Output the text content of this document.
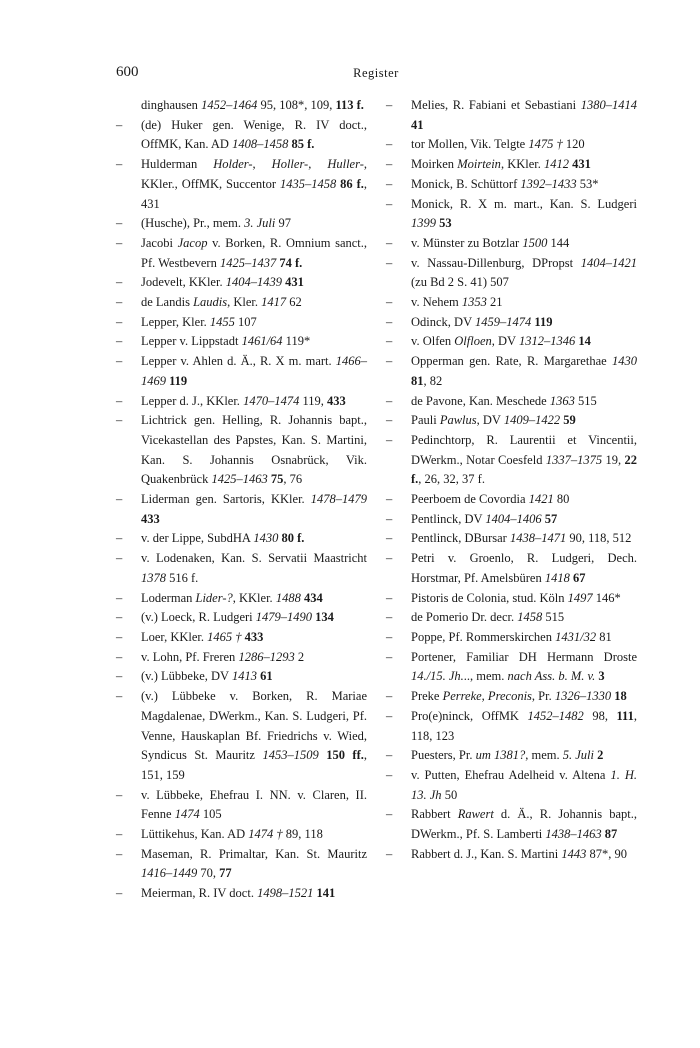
600	Register

dinghausen 1452–1464 95, 108*, 109, 113 f.
– (de) Huker gen. Wenige, R. IV doct., OffMK, Kan. AD 1408–1458 85 f.
– Hulderman Holder-, Holler-, Huller-, KKler., OffMK, Succentor 1435–1458 86 f., 431
– (Husche), Pr., mem. 3. Juli 97
– Jacobi Jacop v. Borken, R. Omnium sanct., Pf. Westbevern 1425–1437 74 f.
– Jodevelt, KKler. 1404–1439 431
– de Landis Laudis, Kler. 1417 62
– Lepper, Kler. 1455 107
– Lepper v. Lippstadt 1461/64 119*
– Lepper v. Ahlen d. Ä., R. X m. mart. 1466–1469 119
– Lepper d. J., KKler. 1470–1474 119, 433
– Lichtrick gen. Helling, R. Johannis bapt., Vicekastellan des Papstes, Kan. S. Martini, Kan. S. Johannis Osnabrück, Vik. Quakenbrück 1425–1463 75, 76
– Liderman gen. Sartoris, KKler. 1478–1479 433
– v. der Lippe, SubdHA 1430 80 f.
– v. Lodenaken, Kan. S. Servatii Maastricht 1378 516 f.
– Loderman Lider-?, KKler. 1488 434
– (v.) Loeck, R. Ludgeri 1479–1490 134
– Loer, KKler. 1465 † 433
– v. Lohn, Pf. Freren 1286–1293 2
– (v.) Lübbeke, DV 1413 61
– (v.) Lübbeke v. Borken, R. Mariae Magdalenae, DWerkm., Kan. S. Ludgeri, Pf. Venne, Hauskaplan Bf. Friedrichs v. Wied, Syndicus St. Mauritz 1453–1509 150 ff., 151, 159
– v. Lübbeke, Ehefrau I. NN. v. Claren, II. Fenne 1474 105
– Lüttikehus, Kan. AD 1474 † 89, 118
– Maseman, R. Primaltar, Kan. St. Mauritz 1416–1449 70, 77
– Meierman, R. IV doct. 1498–1521 141
– Melies, R. Fabiani et Sebastiani 1380–1414 41
– tor Mollen, Vik. Telgte 1475 † 120
– Moirken Moirtein, KKler. 1412 431
– Monick, B. Schüttorf 1392–1433 53*
– Monick, R. X m. mart., Kan. S. Ludgeri 1399 53
– v. Münster zu Botzlar 1500 144
– v. Nassau-Dillenburg, DPropst 1404–1421 (zu Bd 2 S. 41) 507
– v. Nehem 1353 21
– Odinck, DV 1459–1474 119
– v. Olfen Olfloen, DV 1312–1346 14
– Opperman gen. Rate, R. Margarethae 1430 81, 82
– de Pavone, Kan. Meschede 1363 515
– Pauli Pawlus, DV 1409–1422 59
– Pedinchtorp, R. Laurentii et Vincentii, DWerkm., Notar Coesfeld 1337–1375 19, 22 f., 26, 32, 37 f.
– Peerboem de Covordia 1421 80
– Pentlinck, DV 1404–1406 57
– Pentlinck, DBursar 1438–1471 90, 118, 512
– Petri v. Groenlo, R. Ludgeri, Dech. Horstmar, Pf. Amelsbüren 1418 67
– Pistoris de Colonia, stud. Köln 1497 146*
– de Pomerio Dr. decr. 1458 515
– Poppe, Pf. Rommerskirchen 1431/32 81
– Portener, Familiar DH Hermann Droste 14./15. Jh..., mem. nach Ass. b. M. v. 3
– Preke Perreke, Preconis, Pr. 1326–1330 18
– Pro(e)ninck, OffMK 1452–1482 98, 111, 118, 123
– Puesters, Pr. um 1381?, mem. 5. Juli 2
– v. Putten, Ehefrau Adelheid v. Altena 1. H. 13. Jh 50
– Rabbert Rawert d. Ä., R. Johannis bapt., DWerkm., Pf. S. Lamberti 1438–1463 87
– Rabbert d. J., Kan. S. Martini 1443 87*, 90
